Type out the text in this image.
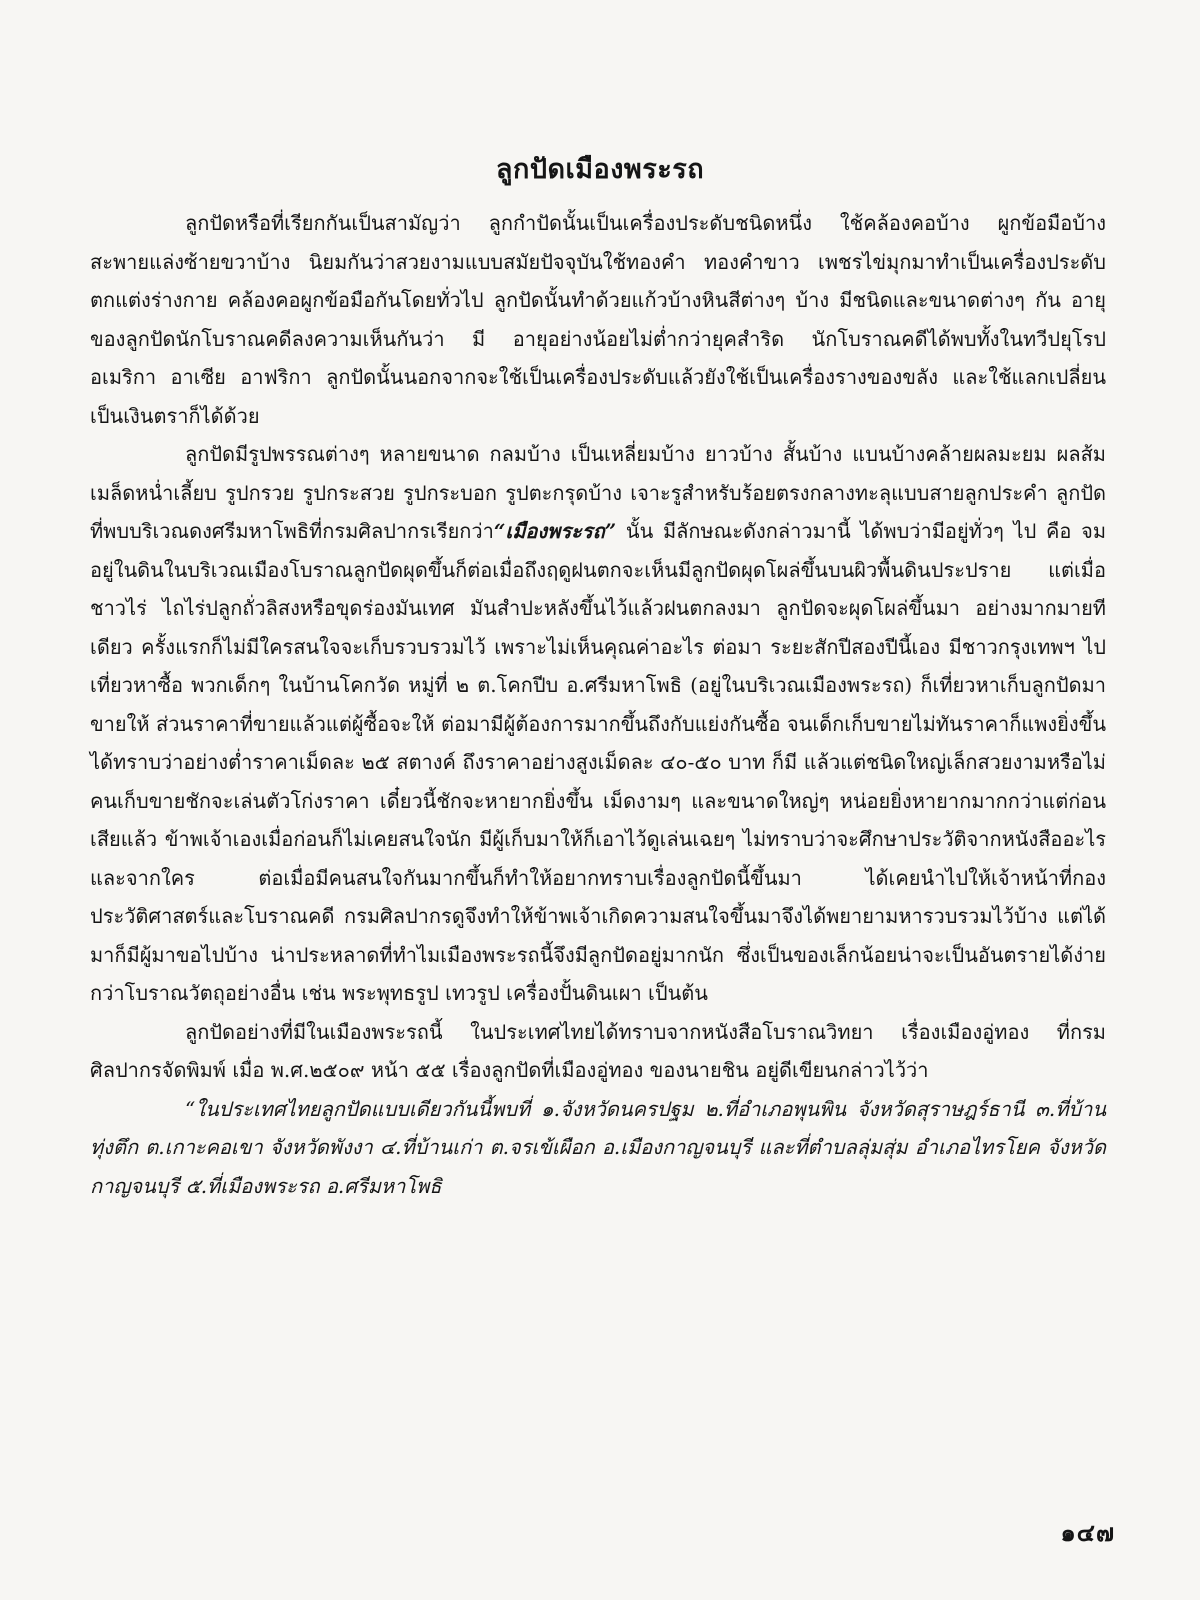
ลูกปัดเมืองพระรถ

ลูกปัดหรือที่เรียกกันเป็นสามัญว่า ลูกกำปัดนั้นเป็นเครื่องประดับชนิดหนึ่ง ใช้คล้องคอบ้าง ผูกข้อมือบ้าง สะพายแล่งซ้ายขวาบ้าง นิยมกันว่าสวยงามแบบสมัยปัจจุบันใช้ทองคำ ทองคำขาว เพชรไข่มุกมาทำเป็นเครื่องประดับตกแต่งร่างกาย คล้องคอผูกข้อมือกันโดยทั่วไป ลูกปัดนั้นทำด้วยแก้วบ้างหินสีต่างๆ บ้าง มีชนิดและขนาดต่างๆ กัน อายุของลูกปัดนักโบราณคดีลงความเห็นกันว่า มี อายุอย่างน้อยไม่ต่ำกว่ายุคสำริด นักโบราณคดีได้พบทั้งในทวีปยุโรป อเมริกา อาเซีย อาฟริกา ลูกปัดนั้นนอกจากจะใช้เป็นเครื่องประดับแล้วยังใช้เป็นเครื่องรางของขลัง และใช้แลกเปลี่ยนเป็นเงินตราก็ได้ด้วย

ลูกปัดมีรูปพรรณต่างๆ หลายขนาด กลมบ้าง เป็นเหลี่ยมบ้าง ยาวบ้าง สั้นบ้าง แบนบ้างคล้ายผลมะยม ผลส้ม เมล็ดหน่ำเลี้ยบ รูปกรวย รูปกระสวย รูปกระบอก รูปตะกรุดบ้าง เจาะรูสำหรับร้อยตรงกลางทะลุแบบสายลูกประคำ ลูกปัดที่พบบริเวณดงศรีมหาโพธิที่กรมศิลปากรเรียกว่า“เมืองพระรถ” นั้น มีลักษณะดังกล่าวมานี้ ได้พบว่ามีอยู่ทั่วๆ ไป คือ จมอยู่ในดินในบริเวณเมืองโบราณลูกปัดผุดขึ้นก็ต่อเมื่อถึงฤดูฝนตกจะเห็นมีลูกปัดผุดโผล่ขึ้นบนผิวพื้นดินประปราย แต่เมื่อชาวไร่ ไถไร่ปลูกถั่วลิสงหรือขุดร่องมันเทศ มันสำปะหลังขึ้นไว้แล้วฝนตกลงมา ลูกปัดจะผุดโผล่ขึ้นมา อย่างมากมายทีเดียว ครั้งแรกก็ไม่มีใครสนใจจะเก็บรวบรวมไว้ เพราะไม่เห็นคุณค่าอะไร ต่อมา ระยะสักปีสองปีนี้เอง มีชาวกรุงเทพฯ ไปเที่ยวหาซื้อ พวกเด็กๆ ในบ้านโคกวัด หมู่ที่ ๒ ต.โคกปีบ อ.ศรีมหาโพธิ (อยู่ในบริเวณเมืองพระรถ) ก็เที่ยวหาเก็บลูกปัดมาขายให้ ส่วนราคาที่ขายแล้วแต่ผู้ซื้อจะให้ ต่อมามีผู้ต้องการมากขึ้นถึงกับแย่งกันซื้อ จนเด็กเก็บขายไม่ทันราคาก็แพงยิ่งขึ้น ได้ทราบว่าอย่างต่ำราคาเม็ดละ ๒๕ สตางค์ ถึงราคาอย่างสูงเม็ดละ ๔๐-๕๐ บาท ก็มี แล้วแต่ชนิดใหญ่เล็กสวยงามหรือไม่ คนเก็บขายชักจะเล่นตัวโก่งราคา เดี๋ยวนี้ชักจะหายากยิ่งขึ้น เม็ดงามๆ และขนาดใหญ่ๆ หน่อยยิ่งหายากมากกว่าแต่ก่อนเสียแล้ว ข้าพเจ้าเองเมื่อก่อนก็ไม่เคยสนใจนัก มีผู้เก็บมาให้ก็เอาไว้ดูเล่นเฉยๆ ไม่ทราบว่าจะศึกษาประวัติจากหนังสืออะไร และจากใคร ต่อเมื่อมีคนสนใจกันมากขึ้นก็ทำให้อยากทราบเรื่องลูกปัดนี้ขึ้นมา ได้เคยนำไปให้เจ้าหน้าที่กองประวัติศาสตร์และโบราณคดี กรมศิลปากรดูจึงทำให้ข้าพเจ้าเกิดความสนใจขึ้นมาจึงได้พยายามหารวบรวมไว้บ้าง แต่ได้มาก็มีผู้มาขอไปบ้าง น่าประหลาดที่ทำไมเมืองพระรถนี้จึงมีลูกปัดอยู่มากนัก ซึ่งเป็นของเล็กน้อยน่าจะเป็นอันตรายได้ง่ายกว่าโบราณวัตถุอย่างอื่น เช่น พระพุทธรูป เทวรูป เครื่องปั้นดินเผา เป็นต้น

ลูกปัดอย่างที่มีในเมืองพระรถนี้ ในประเทศไทยได้ทราบจากหนังสือโบราณวิทยา เรื่องเมืองอู่ทอง ที่กรมศิลปากรจัดพิมพ์ เมื่อ พ.ศ.๒๕๐๙ หน้า ๕๕ เรื่องลูกปัดที่เมืองอู่ทอง ของนายชิน อยู่ดีเขียนกล่าวไว้ว่า

“ในประเทศไทยลูกปัดแบบเดียวกันนี้พบที่ ๑.จังหวัดนครปฐม ๒.ที่อำเภอพุนพิน จังหวัดสุราษฎร์ธานี ๓.ที่บ้านทุ่งตึก ต.เกาะคอเขา จังหวัดพังงา ๔.ที่บ้านเก่า ต.จรเข้เผือก อ.เมืองกาญจนบุรี และที่ตำบลลุ่มสุ่ม อำเภอไทรโยค จังหวัดกาญจนบุรี ๕.ที่เมืองพระรถ อ.ศรีมหาโพธิ

๑๔๗
